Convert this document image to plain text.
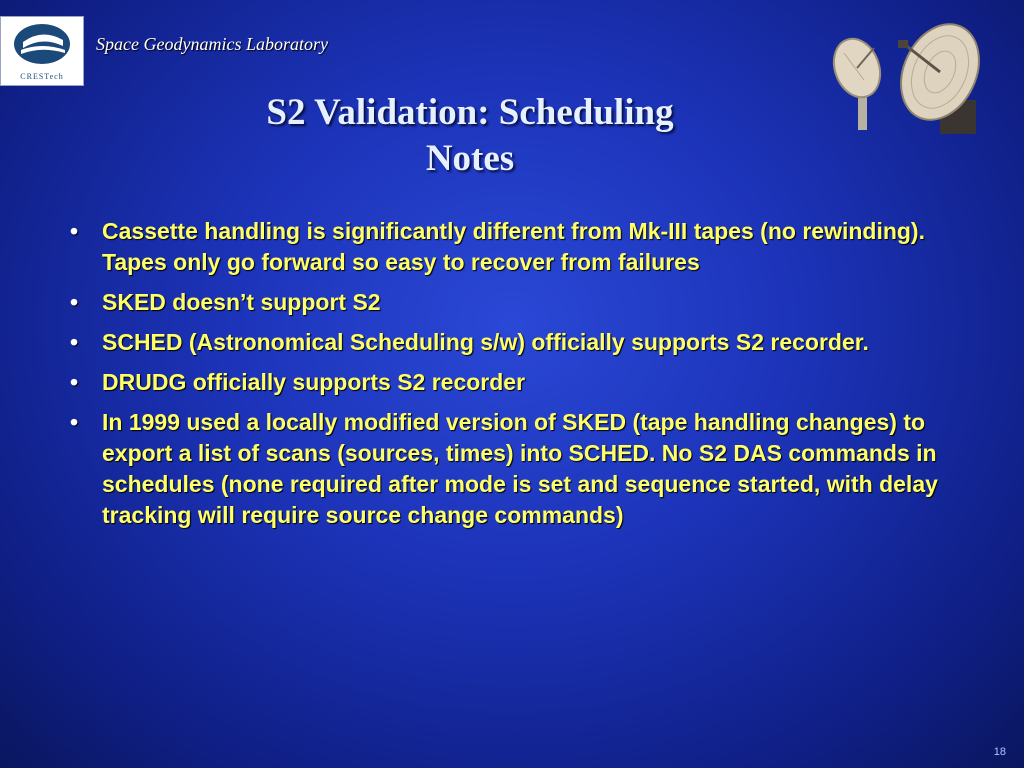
CRESTech
Space Geodynamics Laboratory
S2 Validation: Scheduling
Notes
• Cassette handling is significantly different from Mk-III tapes (no rewinding). Tapes only go forward so easy to recover from failures
• SKED doesn’t support S2
• SCHED (Astronomical Scheduling s/w) officially supports S2 recorder.
• DRUDG officially supports S2 recorder
• In 1999 used a locally modified version of SKED (tape handling changes) to export a list of scans (sources, times) into SCHED. No S2 DAS commands in schedules (none required after mode is set and sequence started, with delay tracking will require source change commands)
18
